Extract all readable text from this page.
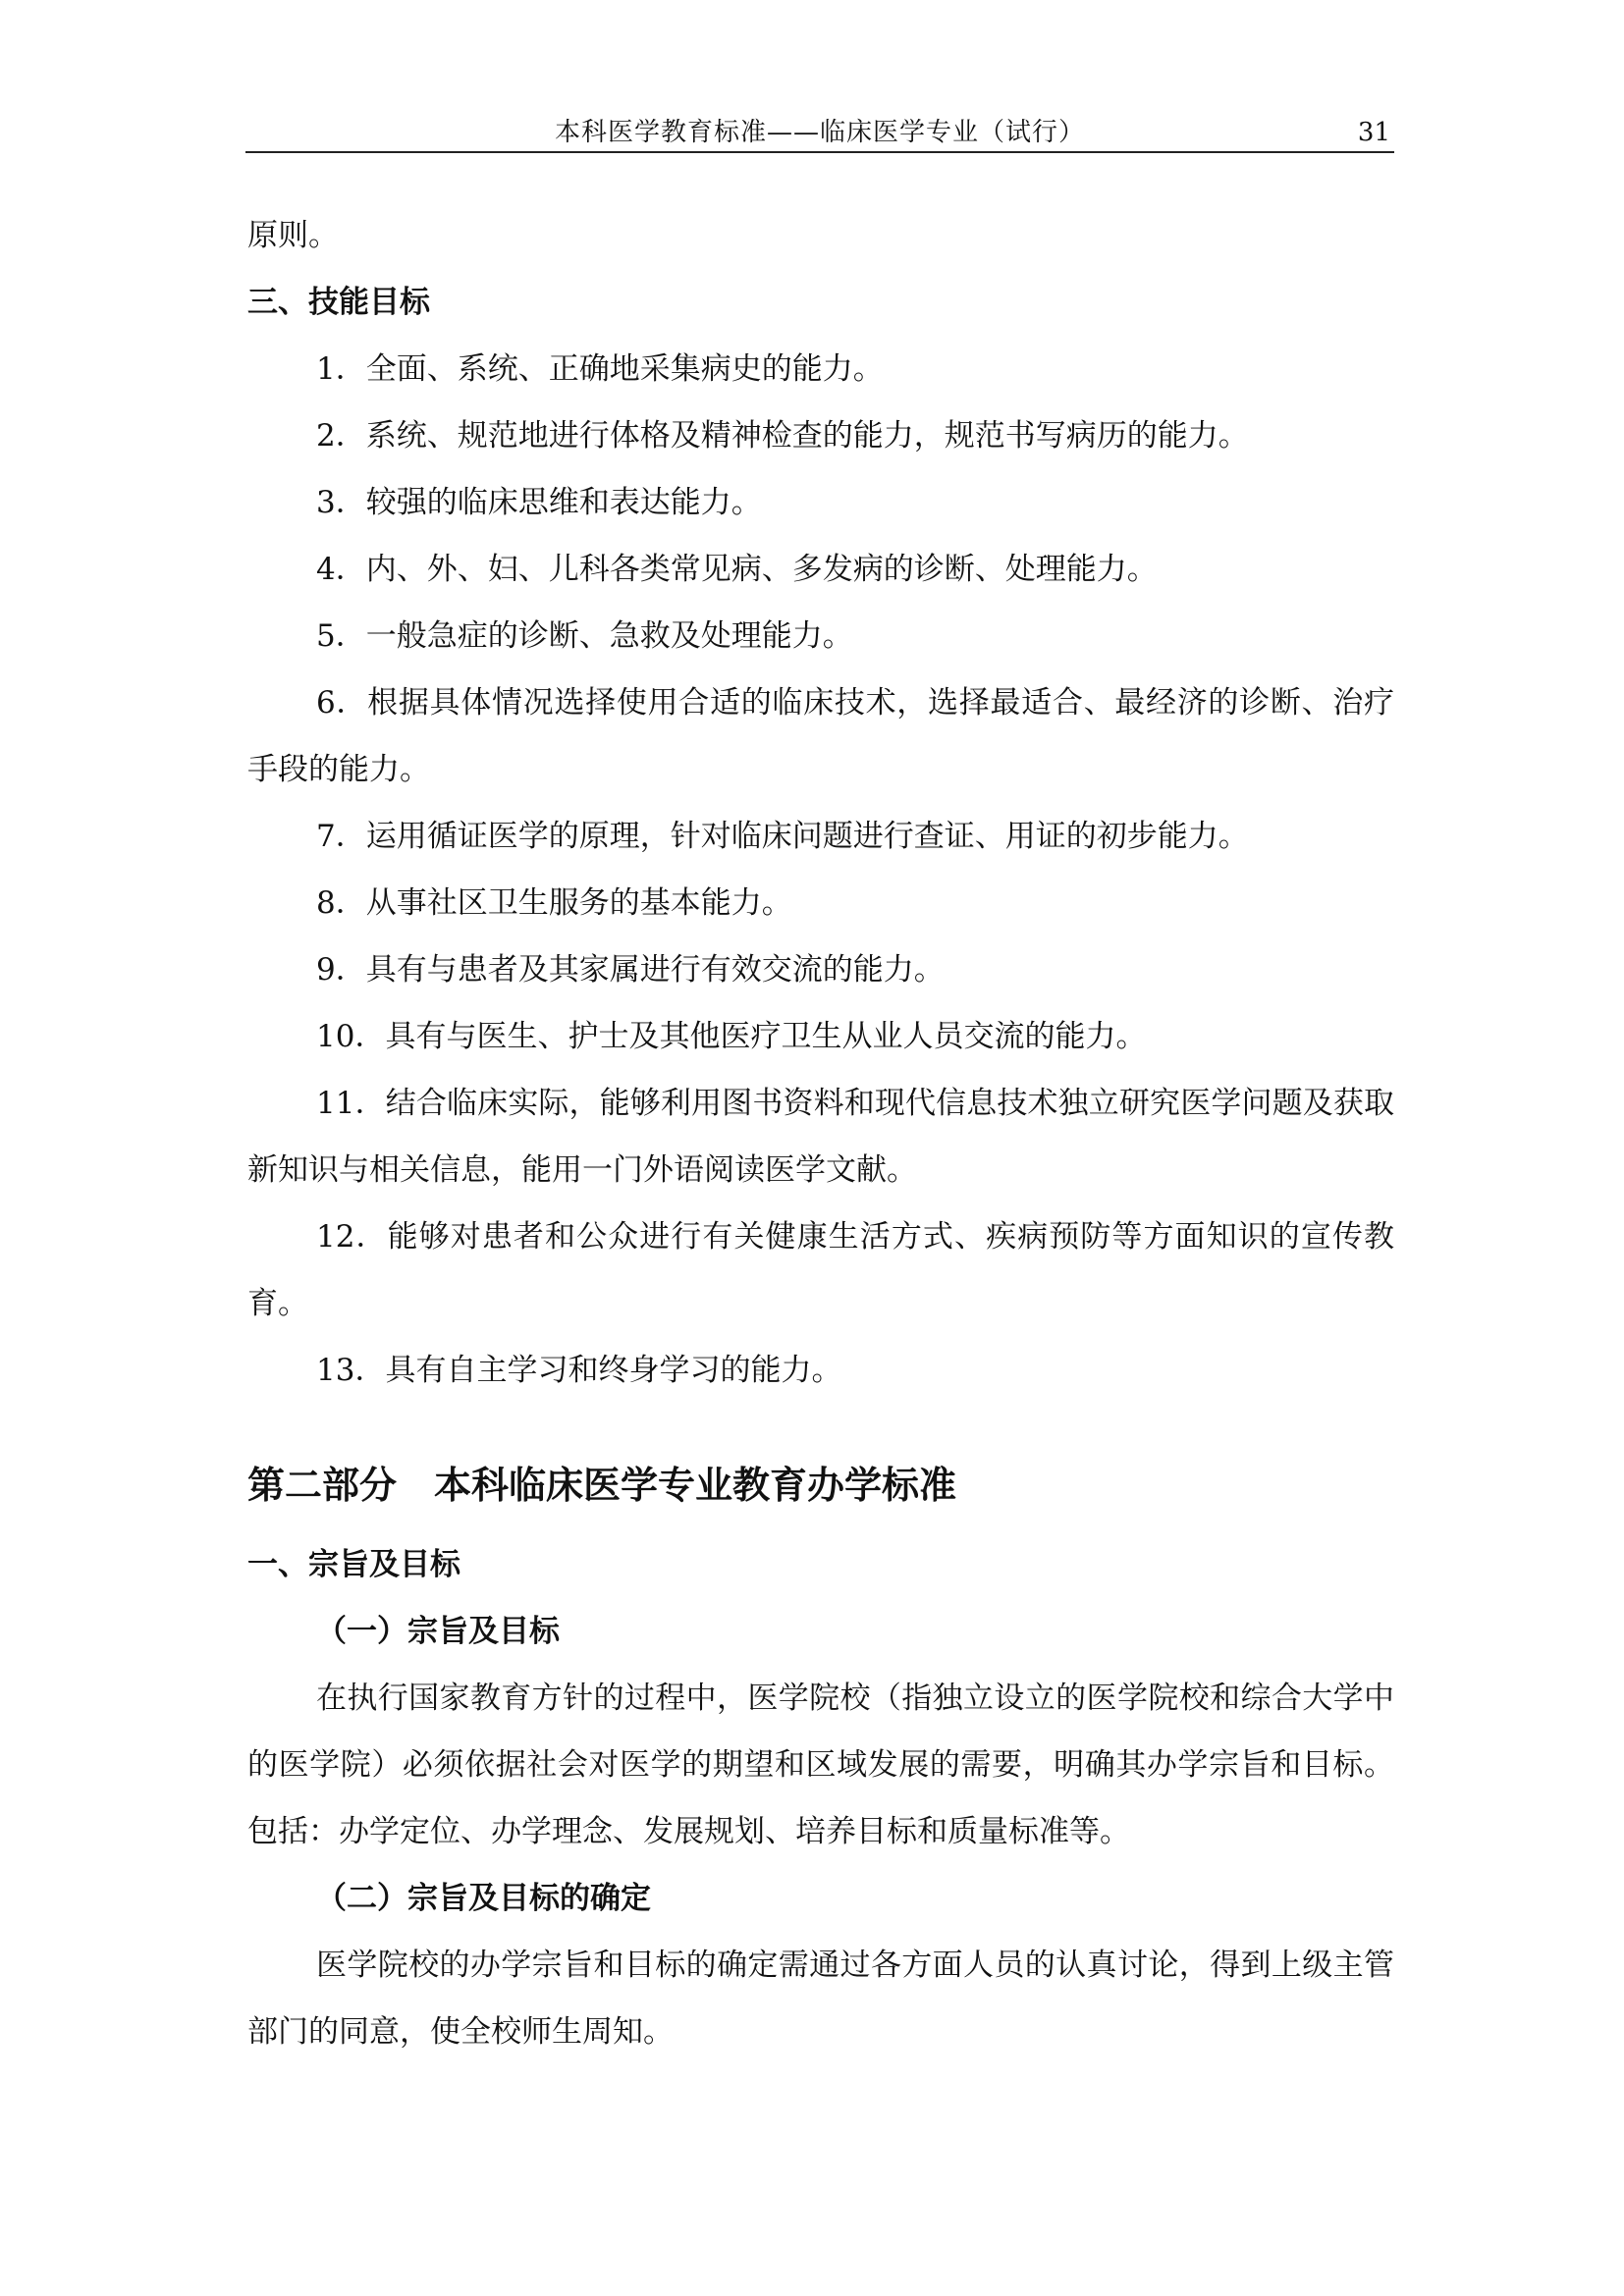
本科医学教育标准——临床医学专业（试行）	31

原则。

三、技能目标

1．全面、系统、正确地采集病史的能力。

2．系统、规范地进行体格及精神检查的能力，规范书写病历的能力。

3．较强的临床思维和表达能力。

4．内、外、妇、儿科各类常见病、多发病的诊断、处理能力。

5．一般急症的诊断、急救及处理能力。

6．根据具体情况选择使用合适的临床技术，选择最适合、最经济的诊断、治疗手段的能力。

7．运用循证医学的原理，针对临床问题进行查证、用证的初步能力。

8．从事社区卫生服务的基本能力。

9．具有与患者及其家属进行有效交流的能力。

10．具有与医生、护士及其他医疗卫生从业人员交流的能力。

11．结合临床实际，能够利用图书资料和现代信息技术独立研究医学问题及获取新知识与相关信息，能用一门外语阅读医学文献。

12．能够对患者和公众进行有关健康生活方式、疾病预防等方面知识的宣传教育。

13．具有自主学习和终身学习的能力。

第二部分　本科临床医学专业教育办学标准

一、宗旨及目标

（一）宗旨及目标

在执行国家教育方针的过程中，医学院校（指独立设立的医学院校和综合大学中的医学院）必须依据社会对医学的期望和区域发展的需要，明确其办学宗旨和目标。包括：办学定位、办学理念、发展规划、培养目标和质量标准等。

（二）宗旨及目标的确定

医学院校的办学宗旨和目标的确定需通过各方面人员的认真讨论，得到上级主管部门的同意，使全校师生周知。
